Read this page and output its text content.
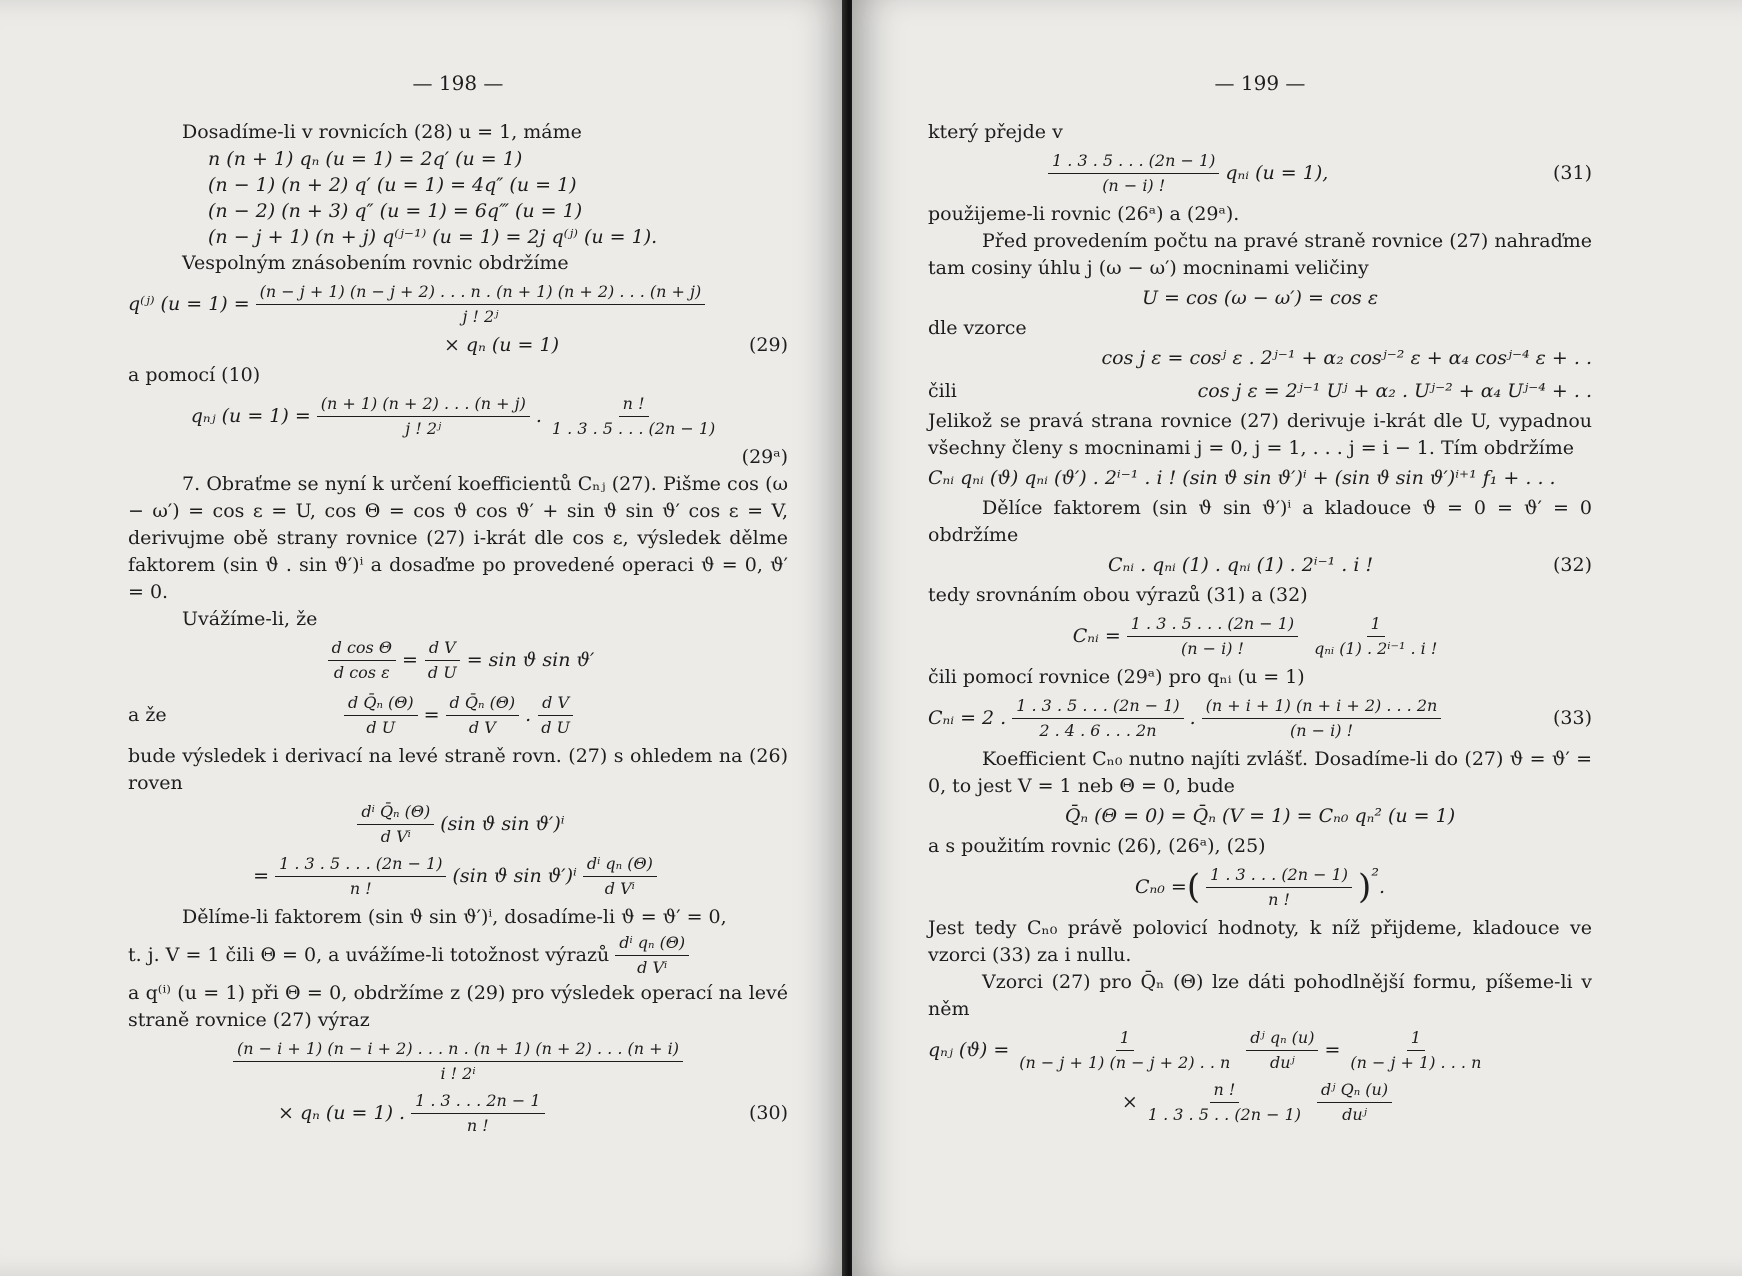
— 198 —

Dosadíme-li v rovnicích (28) u = 1, máme

n (n + 1) qₙ (u = 1) = 2q′ (u = 1)
(n − 1) (n + 2) q′ (u = 1) = 4q″ (u = 1)
(n − 2) (n + 3) q″ (u = 1) = 6q‴ (u = 1)
(n − j + 1) (n + j) q⁽ʲ⁻¹⁾ (u = 1) = 2j q⁽ʲ⁾ (u = 1).

Vespolným znásobením rovnic obdržíme

q⁽ʲ⁾ (u = 1) =
(n − j + 1) (n − j + 2) . . . n . (n + 1) (n + 2) . . . (n + j)
j ! 2ʲ
× qₙ (u = 1)	(29)

a pomocí (10)

qₙⱼ $(u = 1) = \frac{(n + 1) (n + 2) . . . (n + j)}{\text{j ! 2ʲ}}$ . $\frac{n !}{1 . 3 . 5 . . . (2n - 1)}$
(29ᵃ)

7. Obraťme se nyní k určení koefficientů Cₙⱼ (27). Pišme cos (ω − ω′) = cos ε = U, cos Θ = cos ϑ cos ϑ′ + sin ϑ sin ϑ′ cos ε = V, derivujme obě strany rovnice (27) i-krát dle cos ε, výsledek dělme faktorem (sin ϑ . sin ϑ′)ⁱ a dosaďme po provedené operaci ϑ = 0, ϑ′ = 0.

Uvážíme-li, že

$\frac{\text{d cos Θ}}{\text{d cos ε}} = \frac{\text{d V}}{\text{d U}} = \sin ϑ$ sin ϑ′
a že	$\frac{\text{d Q̄ₙ (Θ)}}{\text{d U}} = \frac{\text{d Q̄ₙ (Θ)}}{\text{d V}}$ . $\frac{\text{d V}}{\text{d U}}$

bude výsledek i derivací na levé straně rovn. (27) s ohledem na (26) roven

$\frac{\text{dⁱ Q̄ₙ (Θ)}}{\text{d Vⁱ}} (\sin$ ϑ sin ϑ′)ⁱ
= $\frac{1 . 3 . 5 . . . (2n - 1)}{n !} (\sin$ ϑ $\sin ϑ')^i \frac{\text{dⁱ qₙ (Θ)}}{\text{d Vⁱ}}$

Dělíme-li faktorem (sin ϑ sin ϑ′)ⁱ, dosadíme-li ϑ = ϑ′ = 0,

t. j. V = 1 čili Θ = 0, a uvážíme-li totožnost výrazů $\frac{\text{dⁱ qₙ (Θ)}}{\text{d Vⁱ}}$

a q⁽ⁱ⁾ (u = 1) při Θ = 0, obdržíme z (29) pro výsledek operací na levé straně rovnice (27) výraz

(n − i + 1) (n − i + 2) . . . n . (n + 1) (n + 2) . . . (n + i)
i ! 2ⁱ
× qₙ (u = 1) . $\frac{1 . 3 . . . 2n - 1}{n !}$	(30)
— 199 —

který přejde v

$\frac{1 . 3 . 5 . . . (2n - 1)}{(n - i) !}$ qₙᵢ (u = 1),	(31)

použijeme-li rovnic (26ᵃ) a (29ᵃ).

Před provedením počtu na pravé straně rovnice (27) nahraďme tam cosiny úhlu j (ω − ω′) mocninami veličiny

U = cos (ω − ω′) = cos ε

dle vzorce

cos j ε = cosʲ ε . 2ʲ⁻¹ + α₂ cosʲ⁻² ε + α₄ cosʲ⁻⁴ ε + . .
čili	cos j ε = 2ʲ⁻¹ Uʲ + α₂ . Uʲ⁻² + α₄ Uʲ⁻⁴ + . .

Jelikož se pravá strana rovnice (27) derivuje i-krát dle U, vypadnou všechny členy s mocninami j = 0, j = 1, . . . j = i − 1. Tím obdržíme

Cₙᵢ qₙᵢ (ϑ) qₙᵢ (ϑ′) . 2ⁱ⁻¹ . i ! (sin ϑ sin ϑ′)ⁱ + (sin ϑ sin ϑ′)ⁱ⁺¹ f₁ + . . .

Dělíce faktorem (sin ϑ sin ϑ′)ⁱ a kladouce ϑ = 0 = ϑ′ = 0 obdržíme

Cₙᵢ . qₙᵢ (1) . qₙᵢ (1) . 2ⁱ⁻¹ . i !	(32)

tedy srovnáním obou výrazů (31) a (32)

Cₙᵢ = $\frac{1 . 3 . 5 . . . (2n - 1)}{(n - i) !} \frac{1}{\text{qₙᵢ (1) . 2ⁱ⁻¹ . i !}}$

čili pomocí rovnice (29ᵃ) pro qₙᵢ (u = 1)

Cₙᵢ = 2 . $\frac{1 . 3 . 5 . . . (2n - 1)}{2 . 4 . 6 . . . 2n}$ . $\frac{(n + i + 1) (n + i + 2) . . . 2n}{(n - i) !}$	(33)

Koefficient Cₙ₀ nutno najíti zvlášť. Dosadíme-li do (27) ϑ = ϑ′ = 0, to jest V = 1 neb Θ = 0, bude

Q̄ₙ (Θ = 0) = Q̄ₙ (V = 1) = Cₙ₀ qₙ² (u = 1)

a s použitím rovnic (26), (26ᵃ), (25)

Cₙ₀ = ( $\frac{1 . 3 . . . (2n - 1)}{n !}$ ) ² .

Jest tedy Cₙ₀ právě polovicí hodnoty, k níž přijdeme, kladouce ve vzorci (33) za i nullu.

Vzorci (27) pro Q̄ₙ (Θ) lze dáti pohodlnější formu, píšeme-li v něm

qₙⱼ $(ϑ) = \frac{1}{(n - j + 1) (n - j + 2) . . n} \frac{\text{dʲ qₙ (u)}}{\text{duʲ}} = \frac{1}{(n - j + 1) . . . n}$
× $\frac{n !}{1 . 3 . 5 . . (2n - 1)} \frac{\text{dʲ Qₙ (u)}}{\text{duʲ}}$
